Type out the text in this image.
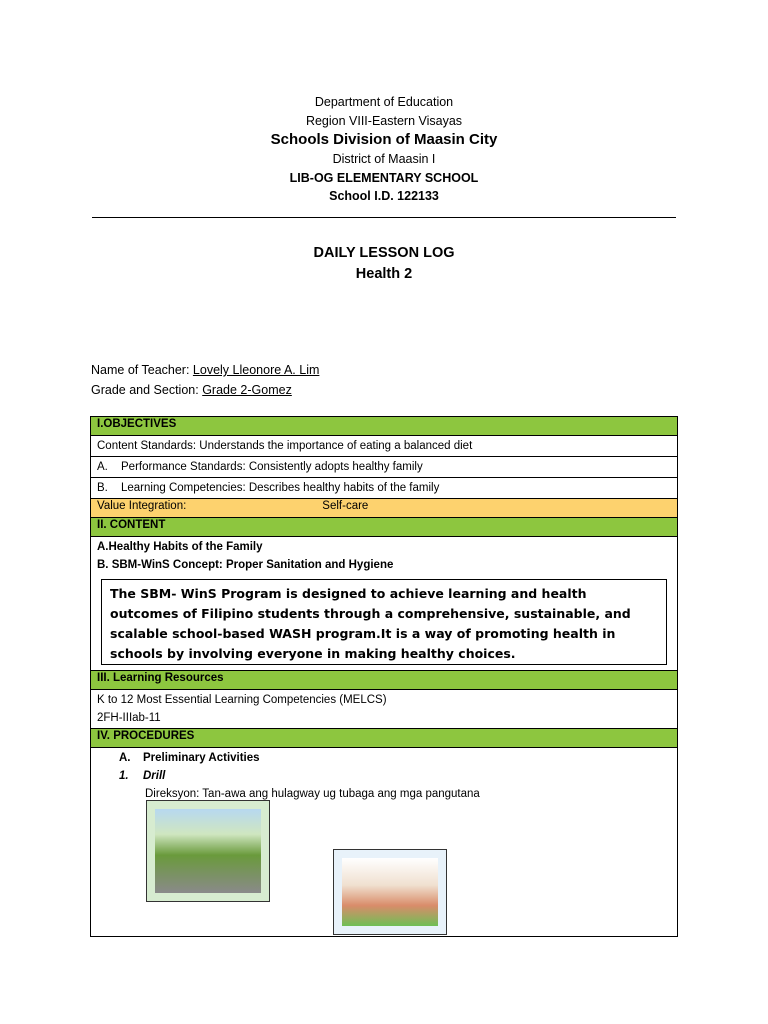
Department of Education
Region VIII-Eastern Visayas
Schools Division of Maasin City
District of Maasin I
LIB-OG ELEMENTARY SCHOOL
School I.D. 122133
DAILY LESSON LOG
Health 2
Name of Teacher: Lovely Lleonore A. Lim
Grade and Section: Grade 2-Gomez
I.OBJECTIVES
Content Standards: Understands the importance of eating a balanced diet
A. Performance Standards: Consistently adopts healthy family
B. Learning Competencies: Describes healthy habits of the family
Value Integration:	Self-care
II. CONTENT

A.Healthy Habits of the Family
B. SBM-WinS Concept: Proper Sanitation and Hygiene
The SBM- WinS Program is designed to achieve learning and health outcomes of Filipino students through a comprehensive, sustainable, and scalable school-based WASH program.It is a way of promoting health in schools by involving everyone in making healthy choices.

III. Learning Resources

K to 12 Most Essential Learning Competencies (MELCS)
2FH-IIIab-11

IV. PROCEDURES

A. Preliminary Activities
1. Drill
Direksyon: Tan-awa ang hulagway ug tubaga ang mga pangutana
